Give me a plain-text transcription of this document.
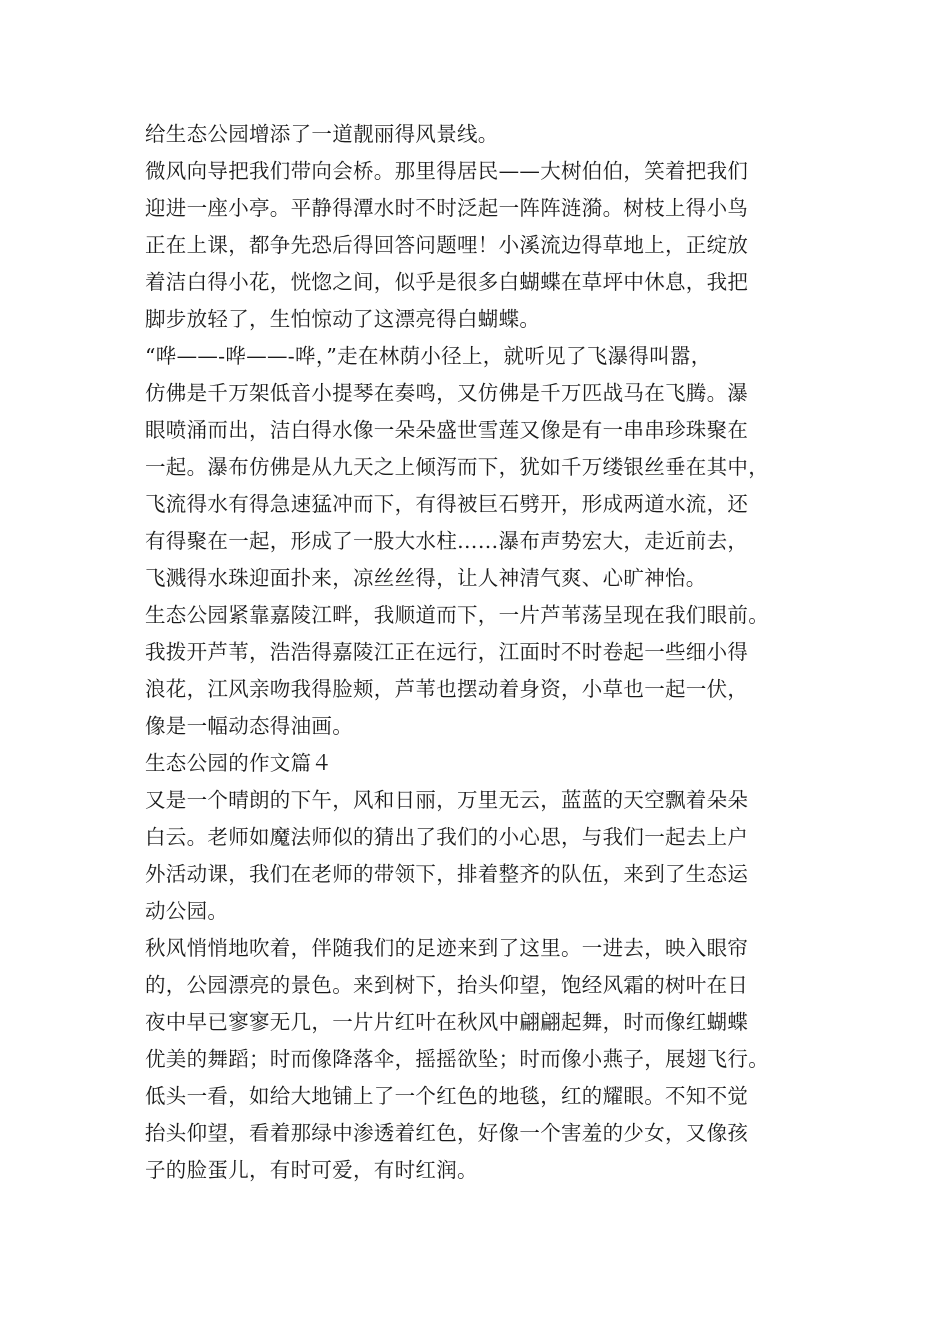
给生态公园增添了一道靓丽得风景线。
微风向导把我们带向会桥。那里得居民——大树伯伯，笑着把我们
迎进一座小亭。平静得潭水时不时泛起一阵阵涟漪。树枝上得小鸟
正在上课，都争先恐后得回答问题哩！小溪流边得草地上，正绽放
着洁白得小花，恍惚之间，似乎是很多白蝴蝶在草坪中休息，我把
脚步放轻了，生怕惊动了这漂亮得白蝴蝶。
“哗——-哗——-哗，”走在林荫小径上，就听见了飞瀑得叫嚣，
仿佛是千万架低音小提琴在奏鸣，又仿佛是千万匹战马在飞腾。瀑
眼喷涌而出，洁白得水像一朵朵盛世雪莲又像是有一串串珍珠聚在
一起。瀑布仿佛是从九天之上倾泻而下，犹如千万缕银丝垂在其中，
飞流得水有得急速猛冲而下，有得被巨石劈开，形成两道水流，还
有得聚在一起，形成了一股大水柱……瀑布声势宏大，走近前去，
飞溅得水珠迎面扑来，凉丝丝得，让人神清气爽、心旷神怡。
生态公园紧靠嘉陵江畔，我顺道而下，一片芦苇荡呈现在我们眼前。
我拨开芦苇，浩浩得嘉陵江正在远行，江面时不时卷起一些细小得
浪花，江风亲吻我得脸颊，芦苇也摆动着身资，小草也一起一伏，
像是一幅动态得油画。
生态公园的作文篇４
又是一个晴朗的下午，风和日丽，万里无云，蓝蓝的天空飘着朵朵
白云。老师如魔法师似的猜出了我们的小心思，与我们一起去上户
外活动课，我们在老师的带领下，排着整齐的队伍，来到了生态运
动公园。
秋风悄悄地吹着，伴随我们的足迹来到了这里。一进去，映入眼帘
的，公园漂亮的景色。来到树下，抬头仰望，饱经风霜的树叶在日
夜中早已寥寥无几，一片片红叶在秋风中翩翩起舞，时而像红蝴蝶
优美的舞蹈；时而像降落伞，摇摇欲坠；时而像小燕子，展翅飞行。
低头一看，如给大地铺上了一个红色的地毯，红的耀眼。不知不觉
抬头仰望，看着那绿中渗透着红色，好像一个害羞的少女，又像孩
子的脸蛋儿，有时可爱，有时红润。
